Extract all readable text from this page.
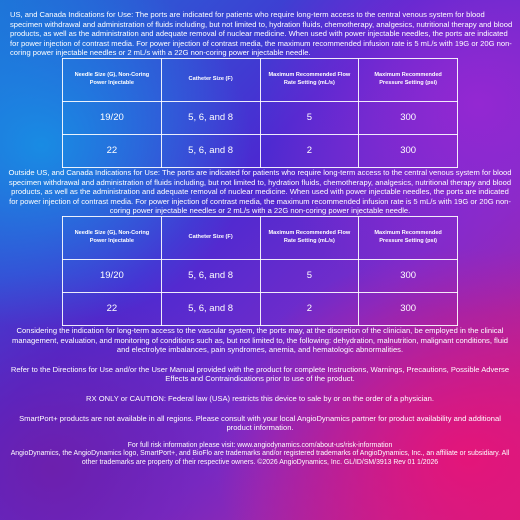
US, and Canada Indications for Use: The ports are indicated for patients who require long-term access to the central venous system for blood specimen withdrawal and administration of fluids including, but not limited to, hydration fluids, chemotherapy, analgesics, nutritional therapy and blood products, as well as the administration and adequate removal of nuclear medicine. When used with power injectable needles, the ports are indicated for power injection of contrast media. For power injection of contrast media, the maximum recommended infusion rate is 5 mL/s with 19G or 20G non-coring power injectable needles or 2 mL/s with a 22G non-coring power injectable needle.

Needle Size (G), Non-Coring Power Injectable	Catheter Size (F)	Maximum Recommended Flow Rate Setting (mL/s)	Maximum Recommended Pressure Setting (psi)
19/20	5, 6, and 8	5	300
22	5, 6, and 8	2	300

Outside US, and Canada Indications for Use: The ports are indicated for patients who require long-term access to the central venous system for blood specimen withdrawal and administration of fluids including, but not limited to, hydration fluids, chemotherapy, analgesics, nutritional therapy and blood products, as well as the administration and adequate removal of nuclear medicine. When used with power injectable needles, the ports are indicated for power injection of contrast media. For power injection of contrast media, the maximum recommended infusion rate is 5 mL/s with 19G or 20G non-coring power injectable needles or 2 mL/s with a 22G non-coring power injectable needle.

Needle Size (G), Non-Coring Power Injectable	Catheter Size (F)	Maximum Recommended Flow Rate Setting (mL/s)	Maximum Recommended Pressure Setting (psi)
19/20	5, 6, and 8	5	300
22	5, 6, and 8	2	300

Considering the indication for long-term access to the vascular system, the ports may, at the discretion of the clinician, be employed in the clinical management, evaluation, and monitoring of conditions such as, but not limited to, the following: dehydration, malnutrition, malignant conditions, fluid and electrolyte imbalances, pain syndromes, anemia, and hematologic abnormalities.

Refer to the Directions for Use and/or the User Manual provided with the product for complete Instructions, Warnings, Precautions, Possible Adverse Effects and Contraindications prior to use of the product.

RX ONLY or CAUTION: Federal law (USA) restricts this device to sale by or on the order of a physician.

SmartPort+ products are not available in all regions. Please consult with your local AngioDynamics partner for product availability and additional product information.

For full risk information please visit: www.angiodynamics.com/about-us/risk-information

AngioDynamics, the AngioDynamics logo, SmartPort+, and BioFlo are trademarks and/or registered trademarks of AngioDynamics, Inc., an affiliate or subsidiary. All other trademarks are property of their respective owners. ©2026 AngioDynamics, Inc. GL/ID/SM/3913 Rev 01 1/2026
